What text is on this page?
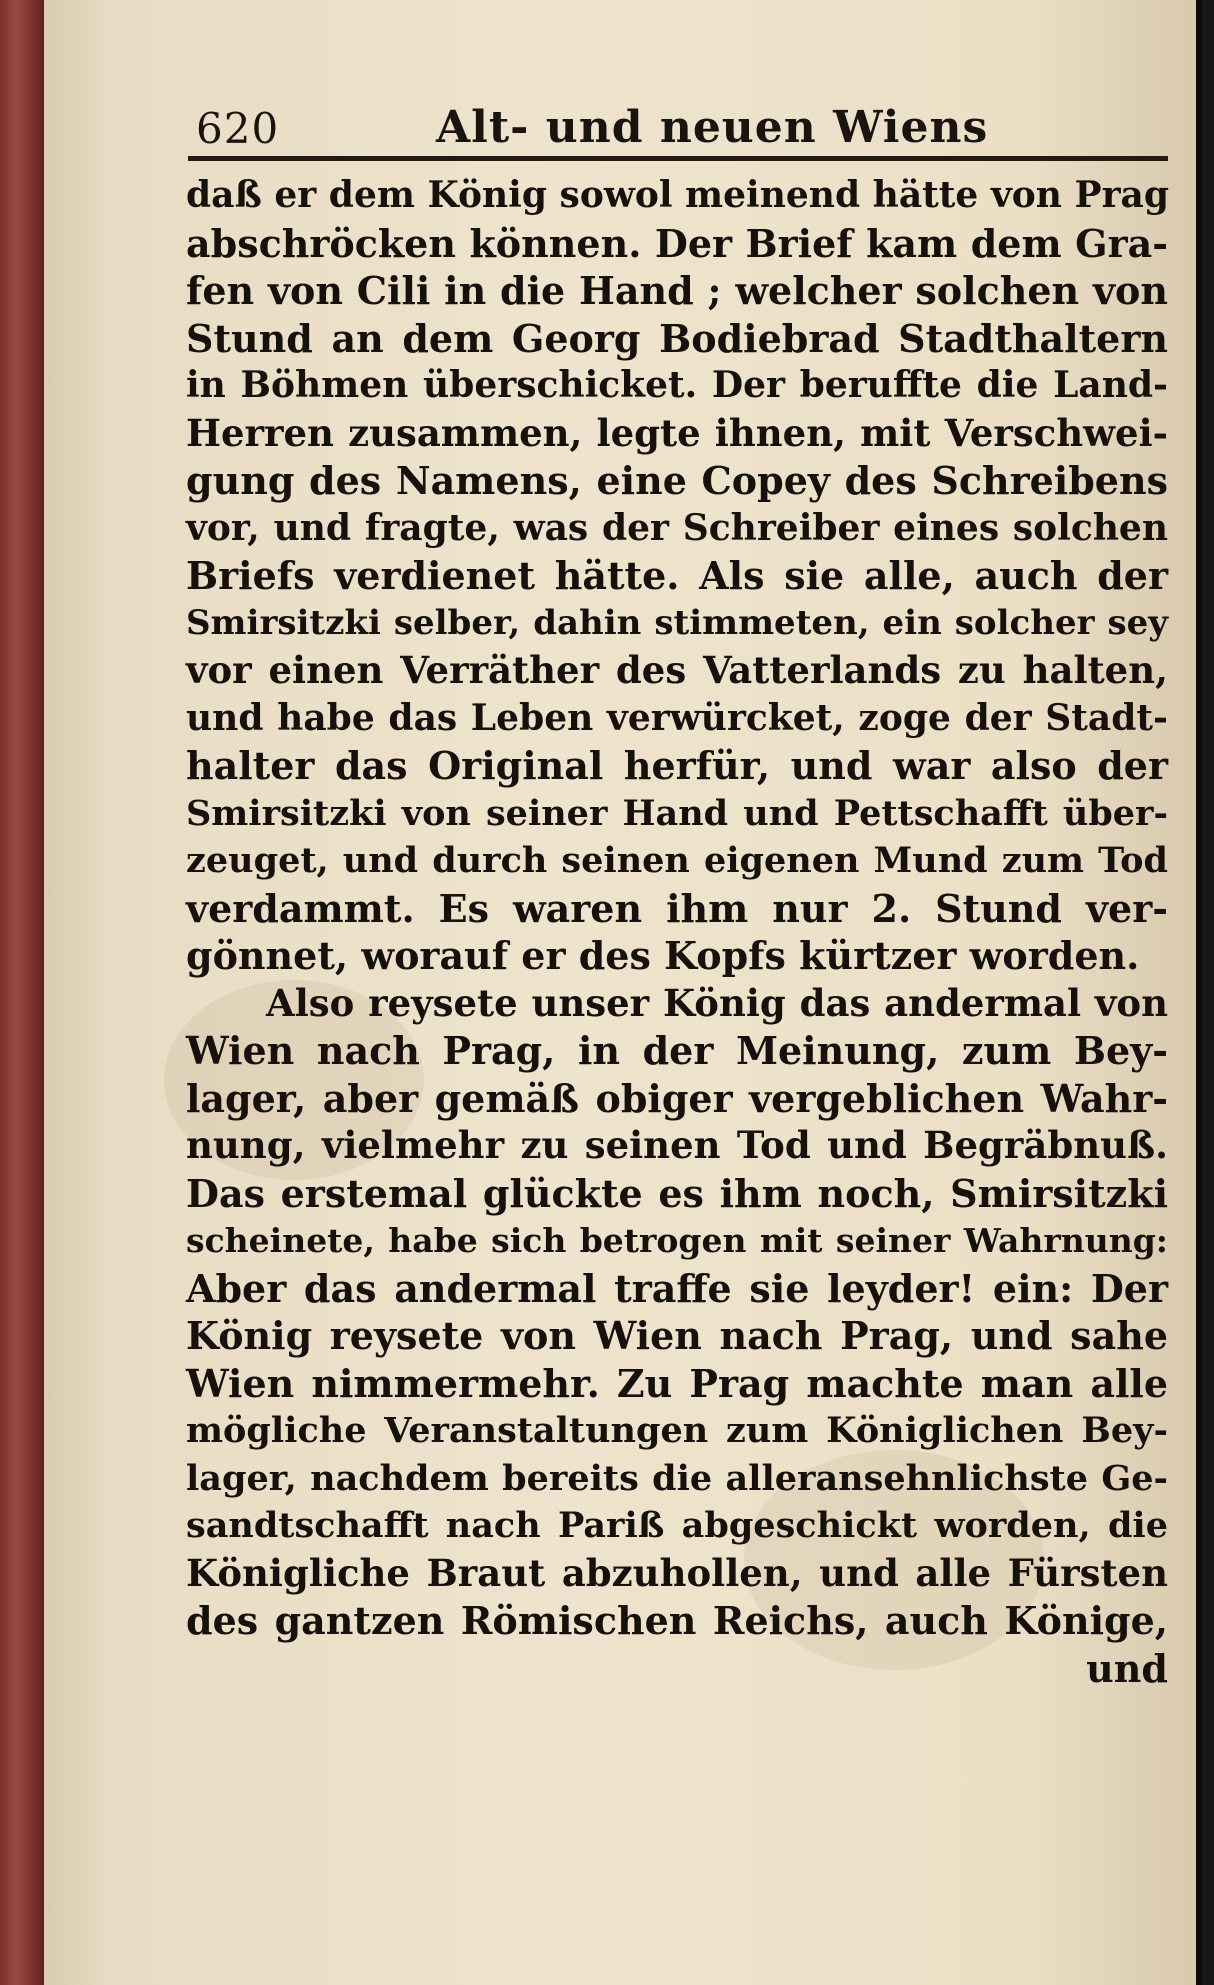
620	Alt- und neuen Wiens
daß er dem König sowol meinend hätte von Prag
abschröcken können. Der Brief kam dem Gra-
fen von Cili in die Hand ; welcher solchen von
Stund an dem Georg Bodiebrad Stadthaltern
in Böhmen überschicket. Der beruffte die Land-
Herren zusammen, legte ihnen, mit Verschwei-
gung des Namens, eine Copey des Schreibens
vor, und fragte, was der Schreiber eines solchen
Briefs verdienet hätte. Als sie alle, auch der
Smirsitzki selber, dahin stimmeten, ein solcher sey
vor einen Verräther des Vatterlands zu halten,
und habe das Leben verwürcket, zoge der Stadt-
halter das Original herfür, und war also der
Smirsitzki von seiner Hand und Pettschafft über-
zeuget, und durch seinen eigenen Mund zum Tod
verdammt. Es waren ihm nur 2. Stund ver-
gönnet, worauf er des Kopfs kürtzer worden.
Also reysete unser König das andermal von
Wien nach Prag, in der Meinung, zum Bey-
lager, aber gemäß obiger vergeblichen Wahr-
nung, vielmehr zu seinen Tod und Begräbnuß.
Das erstemal glückte es ihm noch, Smirsitzki
scheinete, habe sich betrogen mit seiner Wahrnung:
Aber das andermal traffe sie leyder! ein: Der
König reysete von Wien nach Prag, und sahe
Wien nimmermehr. Zu Prag machte man alle
mögliche Veranstaltungen zum Königlichen Bey-
lager, nachdem bereits die alleransehnlichste Ge-
sandtschafft nach Pariß abgeschickt worden, die
Königliche Braut abzuhollen, und alle Fürsten
des gantzen Römischen Reichs, auch Könige,
und
